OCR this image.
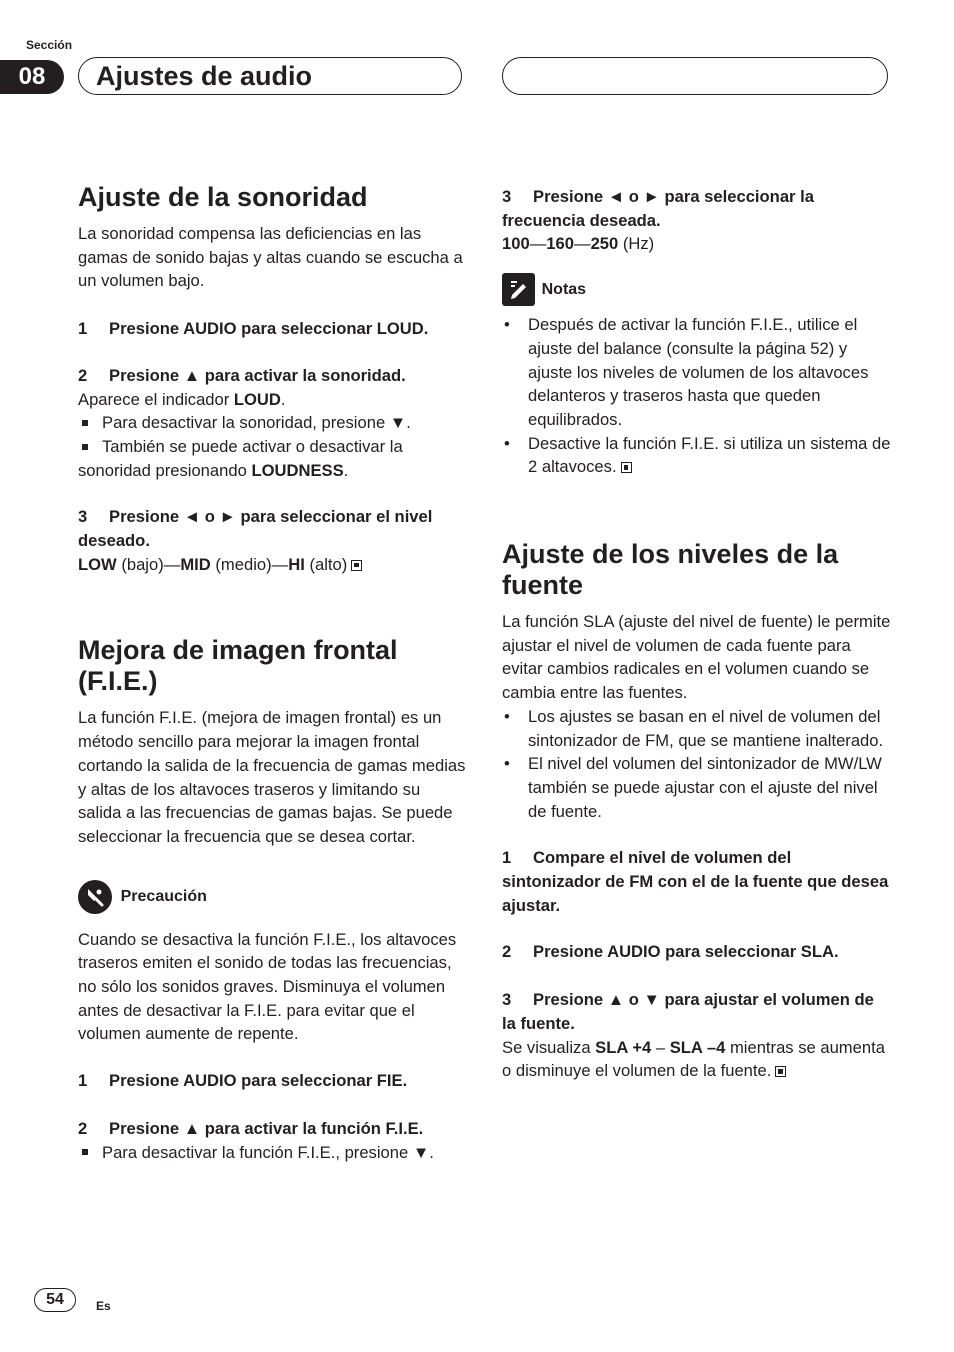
Sección
08	Ajustes de audio
Ajuste de la sonoridad

La sonoridad compensa las deficiencias en las gamas de sonido bajas y altas cuando se escucha a un volumen bajo.

1 Presione AUDIO para seleccionar LOUD.

2 Presione ▲ para activar la sonoridad.

Aparece el indicador LOUD.

Para desactivar la sonoridad, presione ▼.

También se puede activar o desactivar la sonoridad presionando LOUDNESS.

3 Presione ◄ o ► para seleccionar el nivel deseado.

LOW (bajo)—MID (medio)—HI (alto)

Mejora de imagen frontal (F.I.E.)

La función F.I.E. (mejora de imagen frontal) es un método sencillo para mejorar la imagen frontal cortando la salida de la frecuencia de gamas medias y altas de los altavoces traseros y limitando su salida a las frecuencias de gamas bajas. Se puede seleccionar la frecuencia que se desea cortar.

Precaución

Cuando se desactiva la función F.I.E., los altavoces traseros emiten el sonido de todas las frecuencias, no sólo los sonidos graves. Disminuya el volumen antes de desactivar la F.I.E. para evitar que el volumen aumente de repente.

1 Presione AUDIO para seleccionar FIE.

2 Presione ▲ para activar la función F.I.E.

Para desactivar la función F.I.E., presione ▼.

3 Presione ◄ o ► para seleccionar la frecuencia deseada.

100—160—250 (Hz)

Notas

• Después de activar la función F.I.E., utilice el ajuste del balance (consulte la página 52) y ajuste los niveles de volumen de los altavoces delanteros y traseros hasta que queden equilibrados.

• Desactive la función F.I.E. si utiliza un sistema de 2 altavoces.

Ajuste de los niveles de la fuente

La función SLA (ajuste del nivel de fuente) le permite ajustar el nivel de volumen de cada fuente para evitar cambios radicales en el volumen cuando se cambia entre las fuentes.

• Los ajustes se basan en el nivel de volumen del sintonizador de FM, que se mantiene inalterado.

• El nivel del volumen del sintonizador de MW/LW también se puede ajustar con el ajuste del nivel de fuente.

1 Compare el nivel de volumen del sintonizador de FM con el de la fuente que desea ajustar.

2 Presione AUDIO para seleccionar SLA.

3 Presione ▲ o ▼ para ajustar el volumen de la fuente.

Se visualiza SLA +4 – SLA –4 mientras se aumenta o disminuye el volumen de la fuente.

54	Es
